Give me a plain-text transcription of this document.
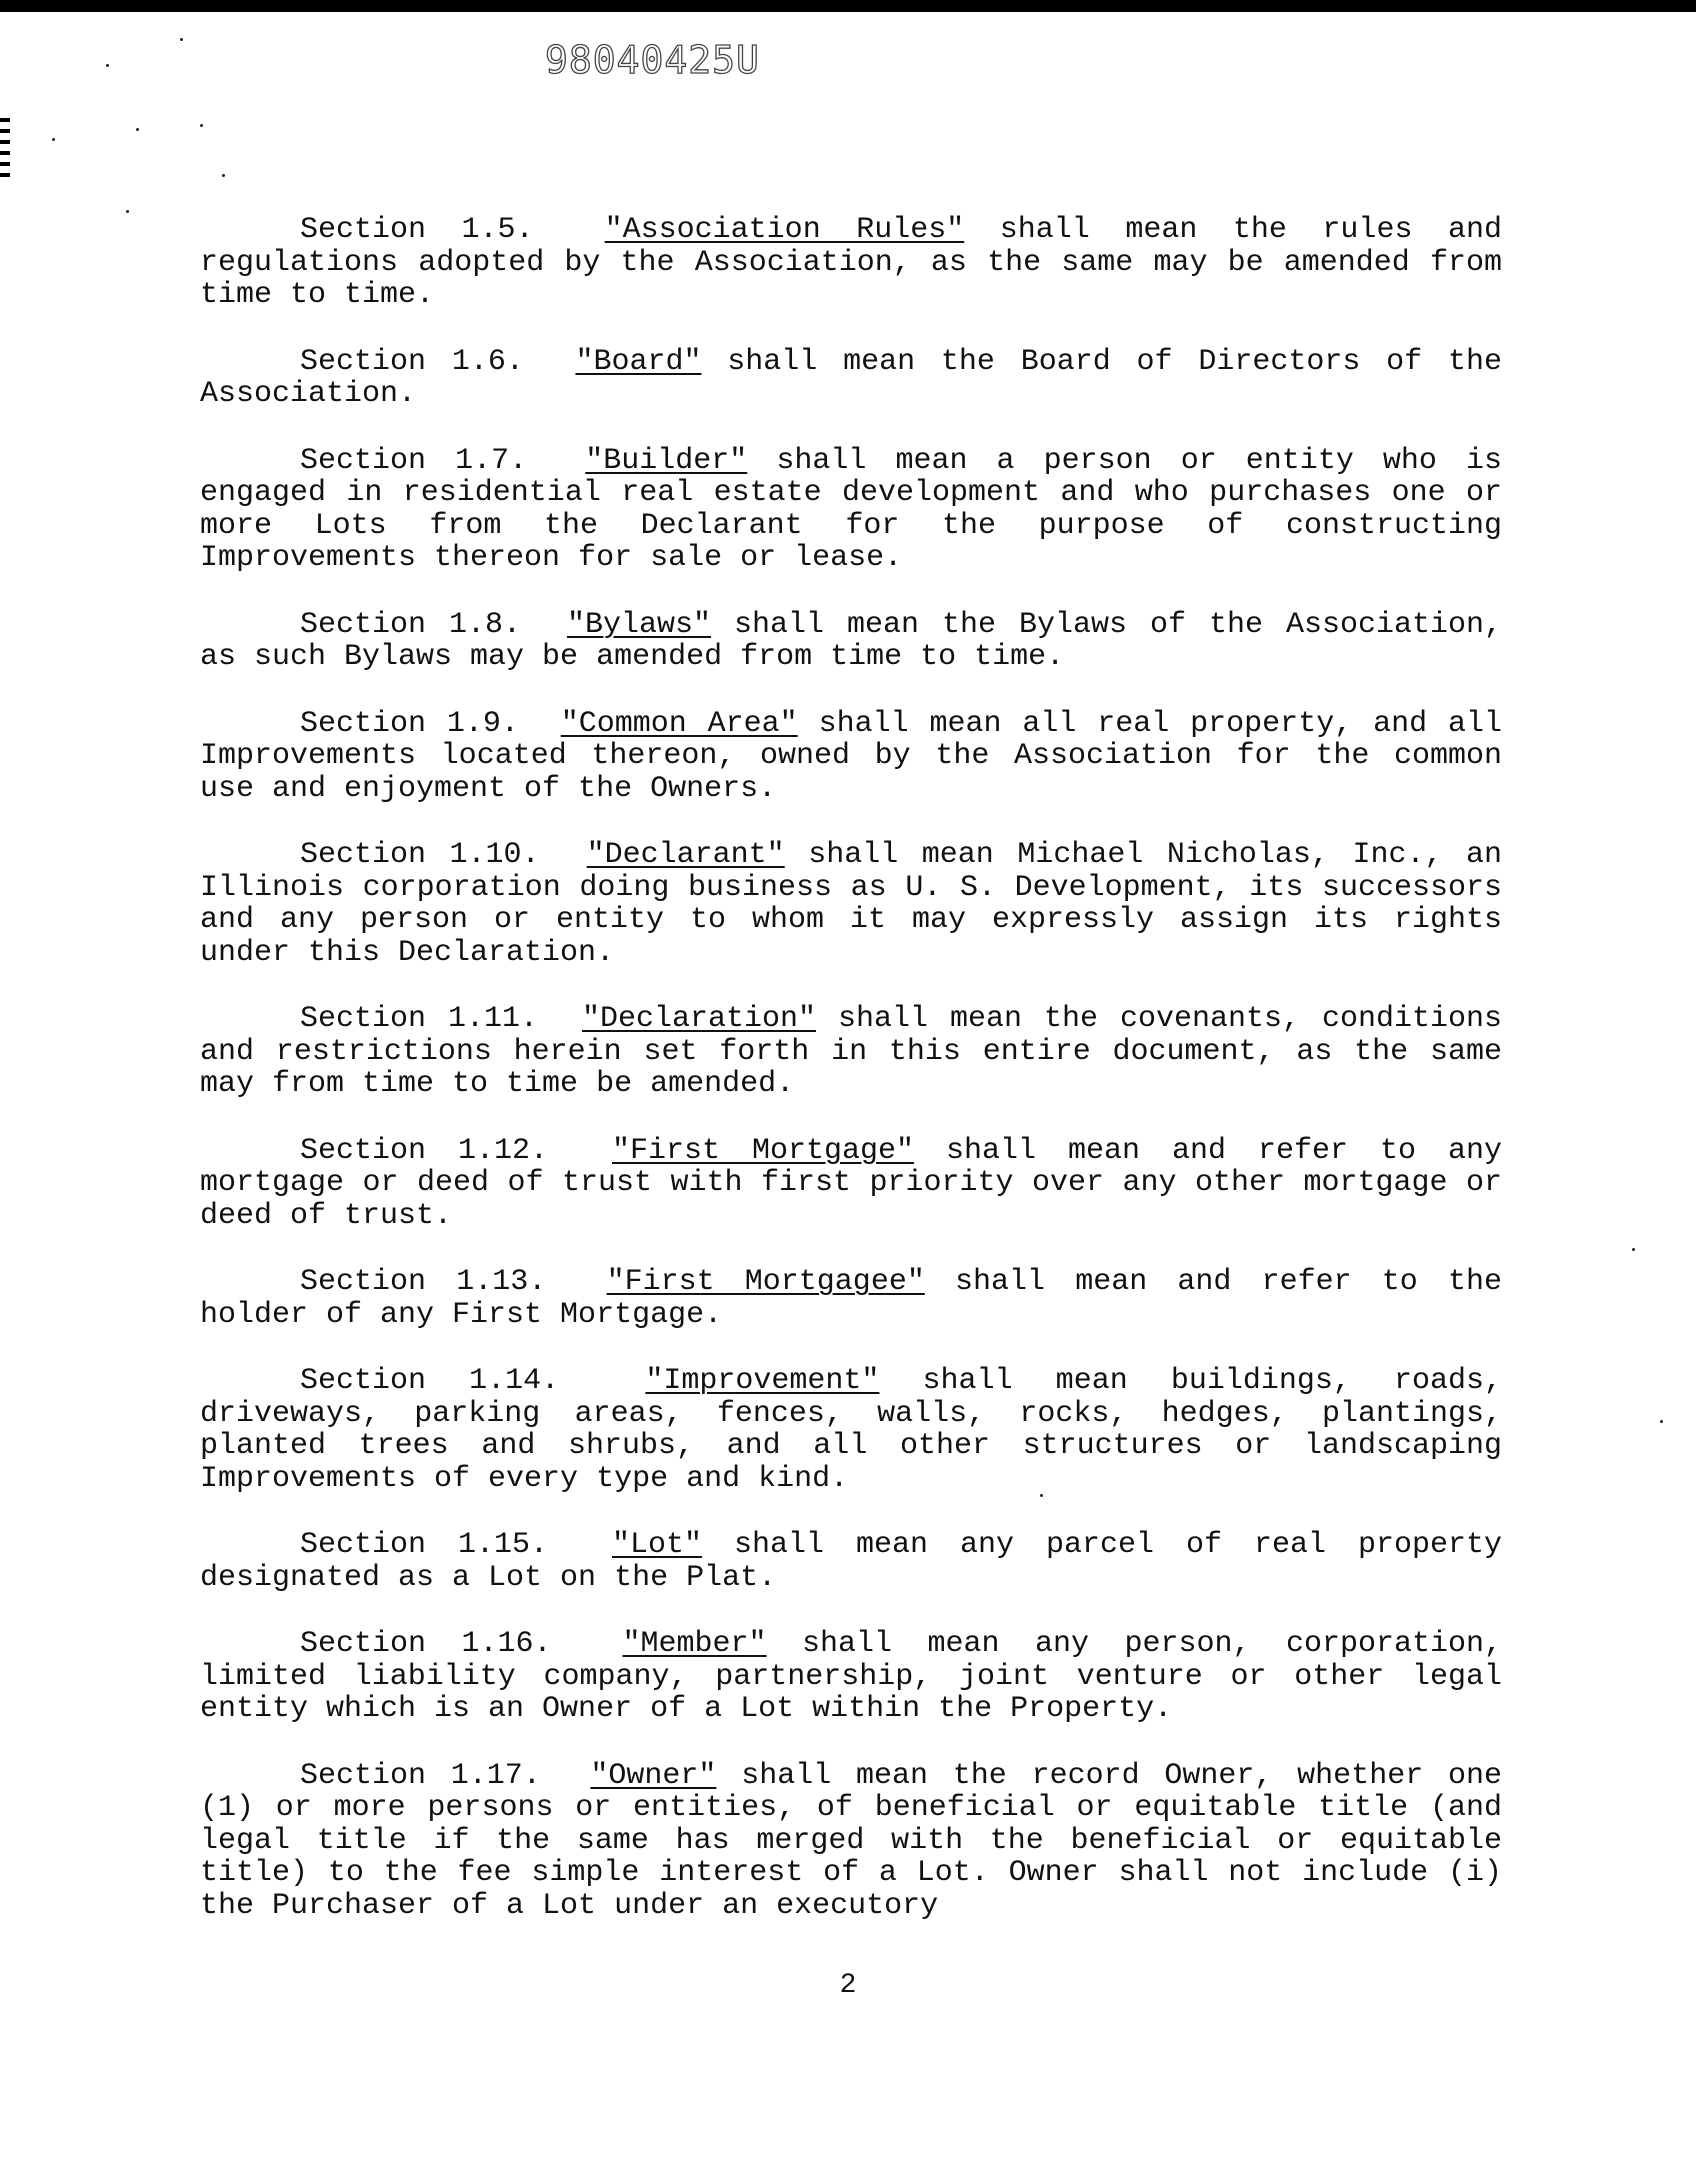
98040425U

Section 1.5. "Association Rules" shall mean the rules and regulations adopted by the Association, as the same may be amended from time to time.

Section 1.6. "Board" shall mean the Board of Directors of the Association.

Section 1.7. "Builder" shall mean a person or entity who is engaged in residential real estate development and who purchases one or more Lots from the Declarant for the purpose of constructing Improvements thereon for sale or lease.

Section 1.8. "Bylaws" shall mean the Bylaws of the Association, as such Bylaws may be amended from time to time.

Section 1.9. "Common Area" shall mean all real property, and all Improvements located thereon, owned by the Association for the common use and enjoyment of the Owners.

Section 1.10. "Declarant" shall mean Michael Nicholas, Inc., an Illinois corporation doing business as U. S. Development, its successors and any person or entity to whom it may expressly assign its rights under this Declaration.

Section 1.11. "Declaration" shall mean the covenants, conditions and restrictions herein set forth in this entire document, as the same may from time to time be amended.

Section 1.12. "First Mortgage" shall mean and refer to any mortgage or deed of trust with first priority over any other mortgage or deed of trust.

Section 1.13. "First Mortgagee" shall mean and refer to the holder of any First Mortgage.

Section 1.14.	"Improvement" shall mean buildings, roads, driveways, parking areas, fences, walls, rocks, hedges, plantings, planted trees and shrubs, and all other structures or landscaping Improvements of every type and kind.

Section 1.15. "Lot" shall mean any parcel of real property designated as a Lot on the Plat.

Section 1.16. "Member" shall mean any person, corporation, limited liability company, partnership, joint venture or other legal entity which is an Owner of a Lot within the Property.

Section 1.17. "Owner" shall mean the record Owner, whether one (1) or more persons or entities, of beneficial or equitable title (and legal title if the same has merged with the beneficial or equitable title) to the fee simple interest of a Lot. Owner shall not include (i) the Purchaser of a Lot under an executory

2
